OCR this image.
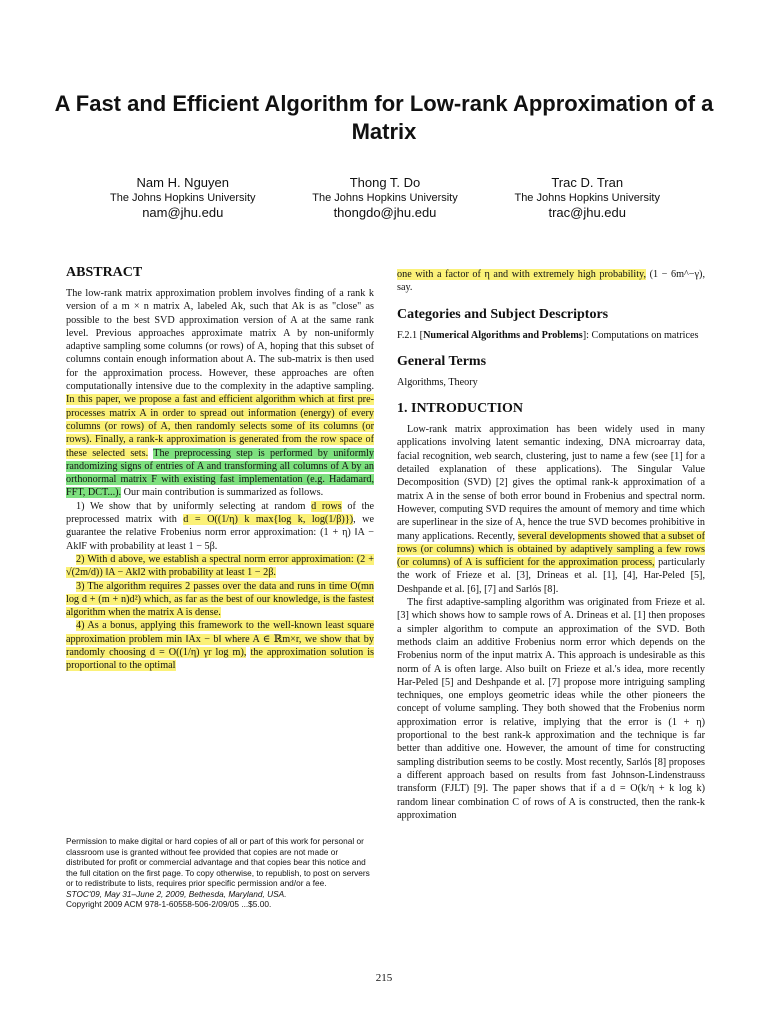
A Fast and Efficient Algorithm for Low-rank Approximation of a Matrix
Nam H. Nguyen
The Johns Hopkins University
nam@jhu.edu
Thong T. Do
The Johns Hopkins University
thongdo@jhu.edu
Trac D. Tran
The Johns Hopkins University
trac@jhu.edu
ABSTRACT

The low-rank matrix approximation problem involves finding of a rank k version of a m × n matrix A, labeled Ak, such that Ak is as "close" as possible to the best SVD approximation version of A at the same rank level. Previous approaches approximate matrix A by non-uniformly adaptive sampling some columns (or rows) of A, hoping that this subset of columns contain enough information about A. The sub-matrix is then used for the approximation process. However, these approaches are often computationally intensive due to the complexity in the adaptive sampling. In this paper, we propose a fast and efficient algorithm which at first pre-processes matrix A in order to spread out information (energy) of every columns (or rows) of A, then randomly selects some of its columns (or rows). Finally, a rank-k approximation is generated from the row space of these selected sets. The preprocessing step is performed by uniformly randomizing signs of entries of A and transforming all columns of A by an orthonormal matrix F with existing fast implementation (e.g. Hadamard, FFT, DCT...). Our main contribution is summarized as follows.

1) We show that by uniformly selecting at random d rows of the preprocessed matrix with d = O((1/η) k max{log k, log(1/β)}), we guarantee the relative Frobenius norm error approximation: (1 + η) ‖A − Ak‖F with probability at least 1 − 5β.

2) With d above, we establish a spectral norm error approximation: (2 + √(2m/d)) ‖A − Ak‖2 with probability at least 1 − 2β.

3) The algorithm requires 2 passes over the data and runs in time O(mn log d + (m + n)d²) which, as far as the best of our knowledge, is the fastest algorithm when the matrix A is dense.

4) As a bonus, applying this framework to the well-known least square approximation problem min ‖Ax − b‖ where A ∈ ℝm×r, we show that by randomly choosing d = O((1/η) γr log m), the approximation solution is proportional to the optimal

Permission to make digital or hard copies of all or part of this work for personal or classroom use is granted without fee provided that copies are not made or distributed for profit or commercial advantage and that copies bear this notice and the full citation on the first page. To copy otherwise, to republish, to post on servers or to redistribute to lists, requires prior specific permission and/or a fee.

STOC'09, May 31–June 2, 2009, Bethesda, Maryland, USA.

Copyright 2009 ACM 978-1-60558-506-2/09/05 ...$5.00.

one with a factor of η and with extremely high probability, (1 − 6m^−γ), say.

Categories and Subject Descriptors

F.2.1 [Numerical Algorithms and Problems]: Computations on matrices

General Terms

Algorithms, Theory

1. INTRODUCTION

Low-rank matrix approximation has been widely used in many applications involving latent semantic indexing, DNA microarray data, facial recognition, web search, clustering, just to name a few (see [1] for a detailed explanation of these applications). The Singular Value Decomposition (SVD) [2] gives the optimal rank-k approximation of a matrix A in the sense of both error bound in Frobenius and spectral norm. However, computing SVD requires the amount of memory and time which are superlinear in the size of A, hence the true SVD becomes prohibitive in many applications. Recently, several developments showed that a subset of rows (or columns) which is obtained by adaptively sampling a few rows (or columns) of A is sufficient for the approximation process, particularly the work of Frieze et al. [3], Drineas et al. [1], [4], Har-Peled [5], Deshpande et al. [6], [7] and Sarlós [8].

The first adaptive-sampling algorithm was originated from Frieze et al. [3] which shows how to sample rows of A. Drineas et al. [1] then proposes a simpler algorithm to compute an approximation of the SVD. Both methods claim an additive Frobenius norm error which depends on the Frobenius norm of the input matrix A. This approach is undesirable as this norm of A is often large. Also built on Frieze et al.'s idea, more recently Har-Peled [5] and Deshpande et al. [7] propose more intriguing sampling techniques, one employs geometric ideas while the other pioneers the concept of volume sampling. They both showed that the Frobenius norm approximation error is relative, implying that the error is (1 + η) proportional to the best rank-k approximation and the technique is far better than additive one. However, the amount of time for constructing sampling distribution seems to be costly. Most recently, Sarlós [8] proposes a different approach based on results from fast Johnson-Lindenstrauss transform (FJLT) [9]. The paper shows that if a d = O(k/η + k log k) random linear combination C of rows of A is constructed, then the rank-k approximation

215
